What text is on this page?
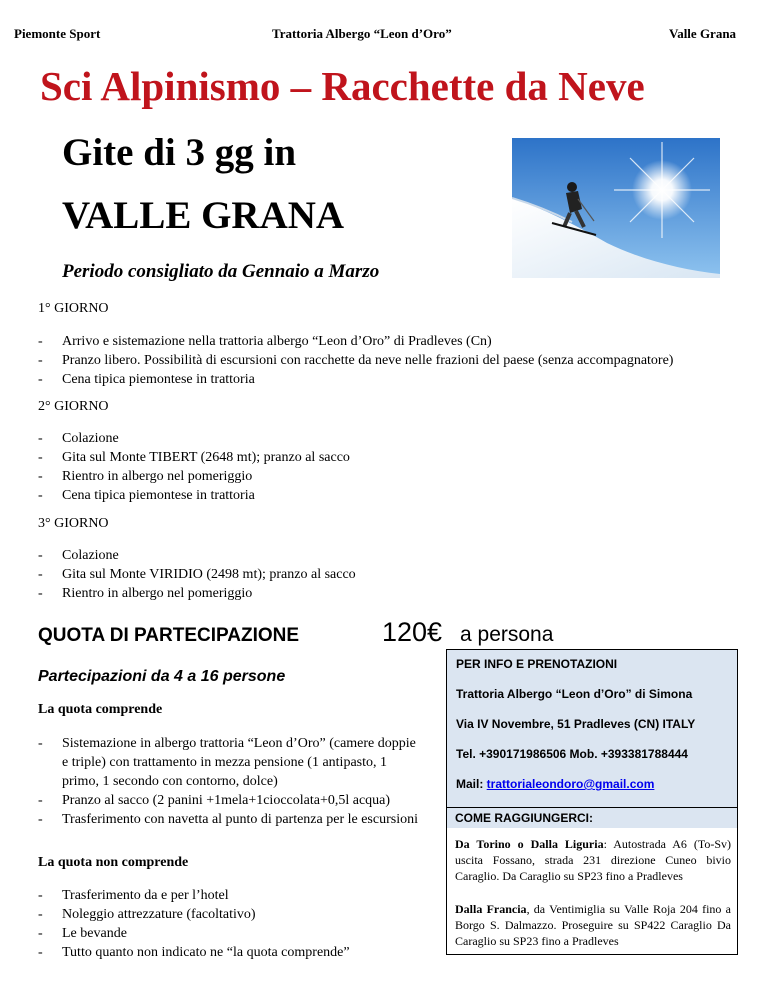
Piemonte Sport	Trattoria Albergo “Leon d’Oro”	Valle Grana
Sci Alpinismo – Racchette da Neve
Gite di 3 gg in
VALLE GRANA
Periodo consigliato da Gennaio a Marzo
1° GIORNO
- Arrivo e sistemazione nella trattoria albergo “Leon d’Oro” di Pradleves (Cn)
- Pranzo libero. Possibilità di escursioni con racchette da neve nelle frazioni del paese (senza accompagnatore)
- Cena tipica piemontese in trattoria
2° GIORNO
- Colazione
- Gita sul Monte TIBERT (2648 mt); pranzo al sacco
- Rientro in albergo nel pomeriggio
- Cena tipica piemontese in trattoria
3° GIORNO
- Colazione
- Gita sul Monte VIRIDIO (2498 mt); pranzo al sacco
- Rientro in albergo nel pomeriggio
QUOTA DI PARTECIPAZIONE	120€ a persona
Partecipazioni da 4 a 16 persone
La quota comprende
- Sistemazione in albergo trattoria “Leon d’Oro” (camere doppie e triple) con trattamento in mezza pensione (1 antipasto, 1 primo, 1 secondo con contorno, dolce)
- Pranzo al sacco (2 panini +1mela+1cioccolata+0,5l acqua)
- Trasferimento con navetta al punto di partenza per le escursioni
La quota non comprende
- Trasferimento da e per l’hotel
- Noleggio attrezzature (facoltativo)
- Le bevande
- Tutto quanto non indicato ne “la quota comprende”
PER INFO E PRENOTAZIONI
Trattoria Albergo “Leon d’Oro” di Simona
Via IV Novembre, 51 Pradleves (CN) ITALY
Tel. +390171986506 Mob. +393381788444
Mail: trattorialeondoro@gmail.com
COME RAGGIUNGERCI:
Da Torino o Dalla Liguria: Autostrada A6 (To-Sv) uscita Fossano, strada 231 direzione Cuneo bivio Caraglio. Da Caraglio su SP23 fino a Pradleves
Dalla Francia, da Ventimiglia su Valle Roja 204 fino a Borgo S. Dalmazzo. Proseguire su SP422 Caraglio Da Caraglio su SP23 fino a Pradleves
